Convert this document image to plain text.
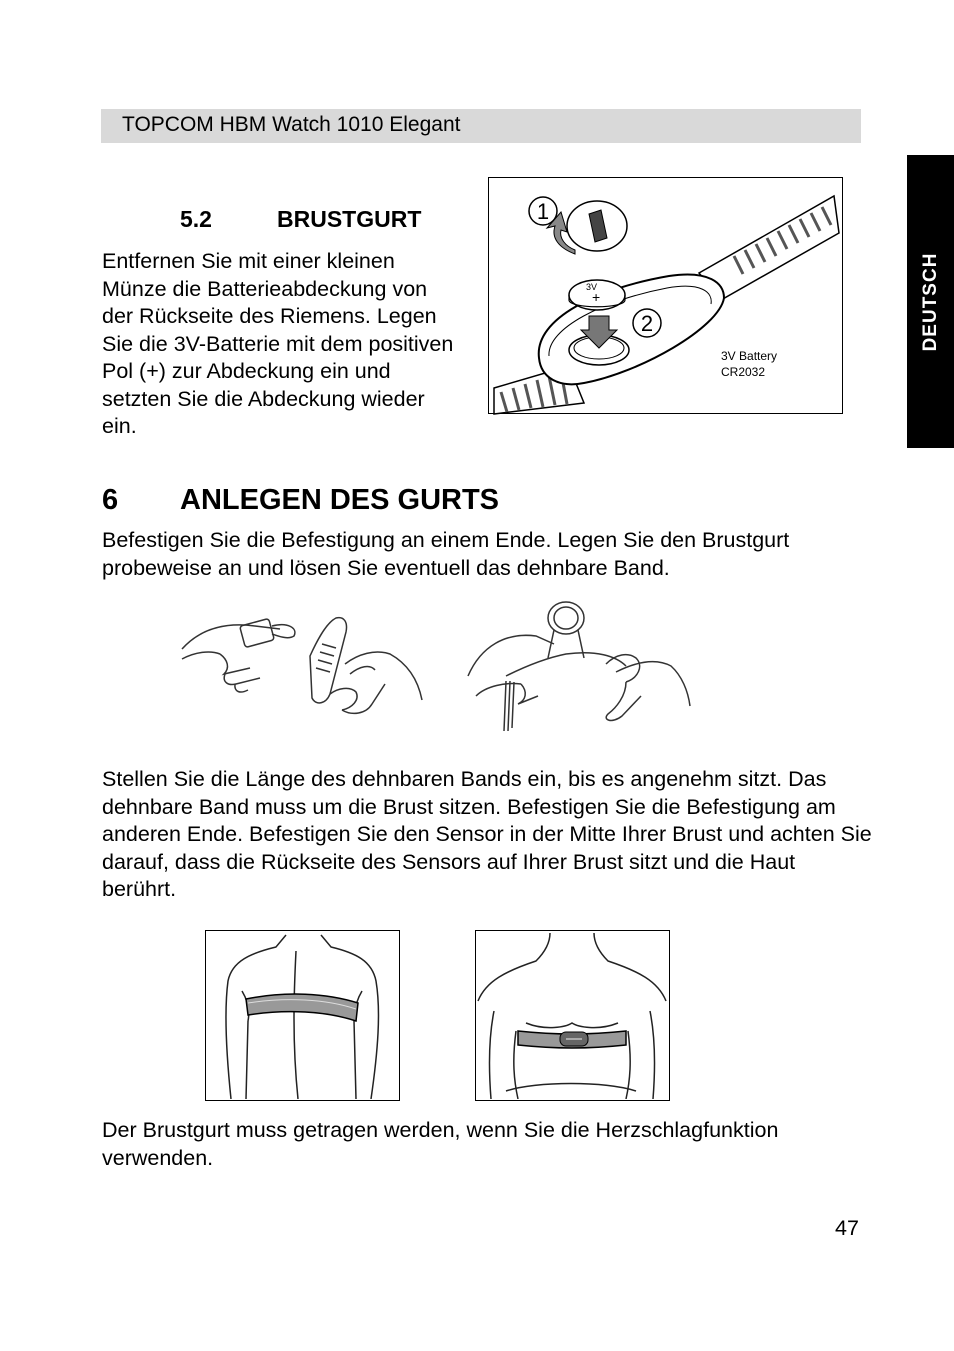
TOPCOM HBM Watch 1010 Elegant
DEUTSCH
5.2	BRUSTGURT
Entfernen Sie mit einer kleinen Münze die Batterieabdeckung von der Rückseite des Riemens. Legen Sie die 3V-Batterie mit dem positiven Pol (+) zur Abdeckung ein und setzten Sie die Abdeckung wieder ein.
3V
+
1
2
3V Battery
CR2032
6 ANLEGEN DES GURTS
Befestigen Sie die Befestigung an einem Ende. Legen Sie den Brustgurt probeweise an und lösen Sie eventuell das dehnbare Band.
Stellen Sie die Länge des dehnbaren Bands ein, bis es angenehm sitzt. Das dehnbare Band muss um die Brust sitzen. Befestigen Sie die Befestigung am anderen Ende. Befestigen Sie den Sensor in der Mitte Ihrer Brust und achten Sie darauf, dass die Rückseite des Sensors auf Ihrer Brust sitzt und die Haut berührt.
Der Brustgurt muss getragen werden, wenn Sie die Herzschlagfunktion verwenden.
47
